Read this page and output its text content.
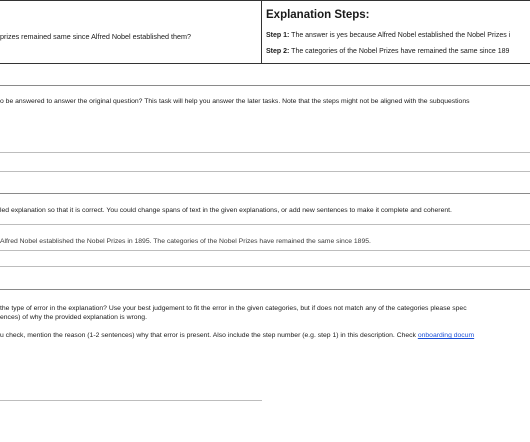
prizes remained same since Alfred Nobel established them?
Explanation Steps:
Step 1: The answer is yes because Alfred Nobel established the Nobel Prizes i
Step 2: The categories of the Nobel Prizes have remained the same since 189
o be answered to answer the original question? This task will help you answer the later tasks. Note that the steps might not be aligned with the subquestions
led explanation so that it is correct. You could change spans of text in the given explanations, or add new sentences to make it complete and coherent.
Alfred Nobel established the Nobel Prizes in 1895. The categories of the Nobel Prizes have remained the same since 1895.
the type of error in the explanation? Use your best judgement to fit the error in the given categories, but if does not match any of the categories please spec
ences) of why the provided explanation is wrong.
u check, mention the reason (1-2 sentences) why that error is present. Also include the step number (e.g. step 1) in this description. Check onboarding docum
